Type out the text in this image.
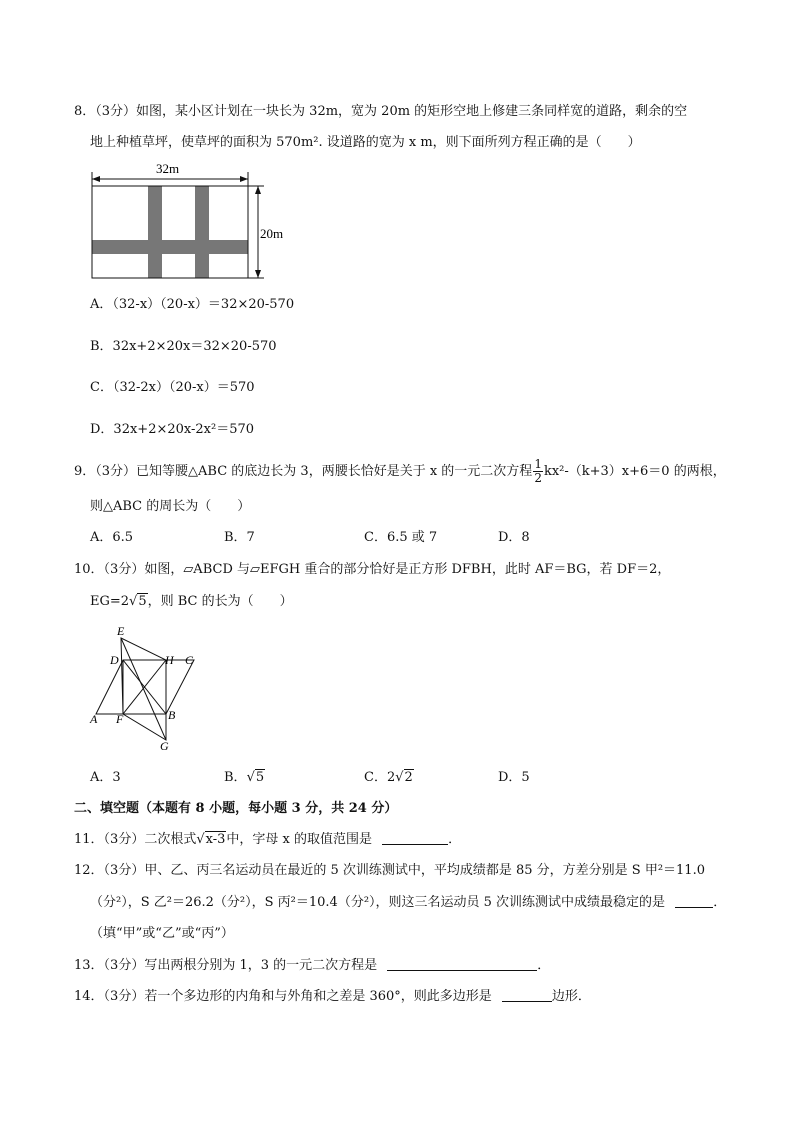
8．（3分）如图，某小区计划在一块长为 32m，宽为 20m 的矩形空地上修建三条同样宽的道路，剩余的空
地上种植草坪，使草坪的面积为 570m². 设道路的宽为 x m，则下面所列方程正确的是（　　）
32m
20m
A．（32-x）（20-x）＝32×20-570
B．32x+2×20x＝32×20-570
C．（32-2x）（20-x）＝570
D．32x+2×20x-2x²＝570
9．（3分）已知等腰△ABC 的底边长为 3，两腰长恰好是关于 x 的一元二次方程 $\frac{1}{2} kx^2-(k+3)x+6=0$ 的两根，
则△ABC 的周长为（　　）
A．6.5	B．7	C．6.5 或 7	D．8
10．（3分）如图，▱ABCD 与▱EFGH 重合的部分恰好是正方形 DFBH，此时 AF＝BG，若 DF＝2，
EG=2√5，则 BC 的长为（　　）
E
D	H C
A F	B
G
A．3	B．√5	C．2√2	D．5
二、填空题（本题有 8 小题，每小题 3 分，共 24 分）
11．（3分）二次根式√x-3中，字母 x 的取值范围是	．
12．（3分）甲、乙、丙三名运动员在最近的 5 次训练测试中，平均成绩都是 85 分，方差分别是 S 甲²＝11.0
（分²），S 乙²＝26.2（分²），S 丙²＝10.4（分²），则这三名运动员 5 次训练测试中成绩最稳定的是	．
（填“甲”或“乙”或“丙”）
13．（3分）写出两根分别为 1，3 的一元二次方程是	．
14．（3分）若一个多边形的内角和与外角和之差是 360°，则此多边形是	边形．
